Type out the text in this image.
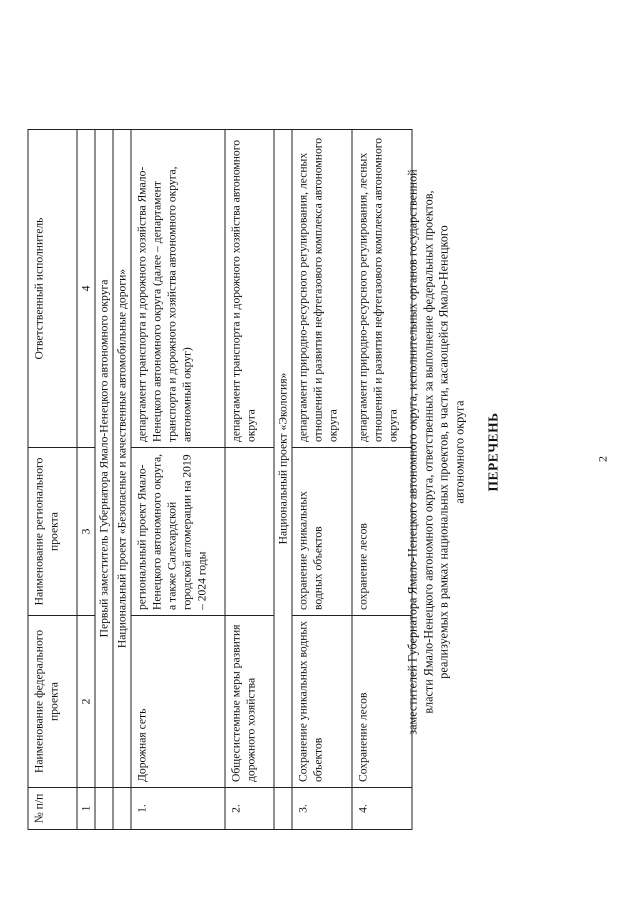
2
ПЕРЕЧЕНЬ
заместителей Губернатора Ямало-Ненецкого автономного округа, исполнительных органов государственной власти Ямало-Ненецкого автономного округа, ответственных за выполнение федеральных проектов, реализуемых в рамках национальных проектов, в части, касающейся Ямало-Ненецкого автономного округа
№ п/п	Наименование федерального проекта	Наименование регионального проекта	Ответственный исполнитель
1	2	3	4
	Первый заместитель Губернатора Ямало-Ненецкого автономного округа		
	Национальный проект «Безопасные и качественные автомобильные дороги»		
1.	Дорожная сеть	региональный проект Ямало-Ненецкого автономного округа, а также Салехардской городской агломерации на 2019 – 2024 годы	департамент транспорта и дорожного хозяйства Ямало-Ненецкого автономного округа (далее – департамент транспорта и дорожного хозяйства автономного округа, автономный округ)
2.	Общесистемные меры развития дорожного хозяйства		департамент транспорта и дорожного хозяйства автономного округа
	Национальный проект «Экология»		
3.	Сохранение уникальных водных объектов	сохранение уникальных водных объектов	департамент природно-ресурсного регулирования, лесных отношений и развития нефтегазового комплекса автономного округа
4.	Сохранение лесов	сохранение лесов	департамент природно-ресурсного регулирования, лесных отношений и развития нефтегазового комплекса автономного округа
